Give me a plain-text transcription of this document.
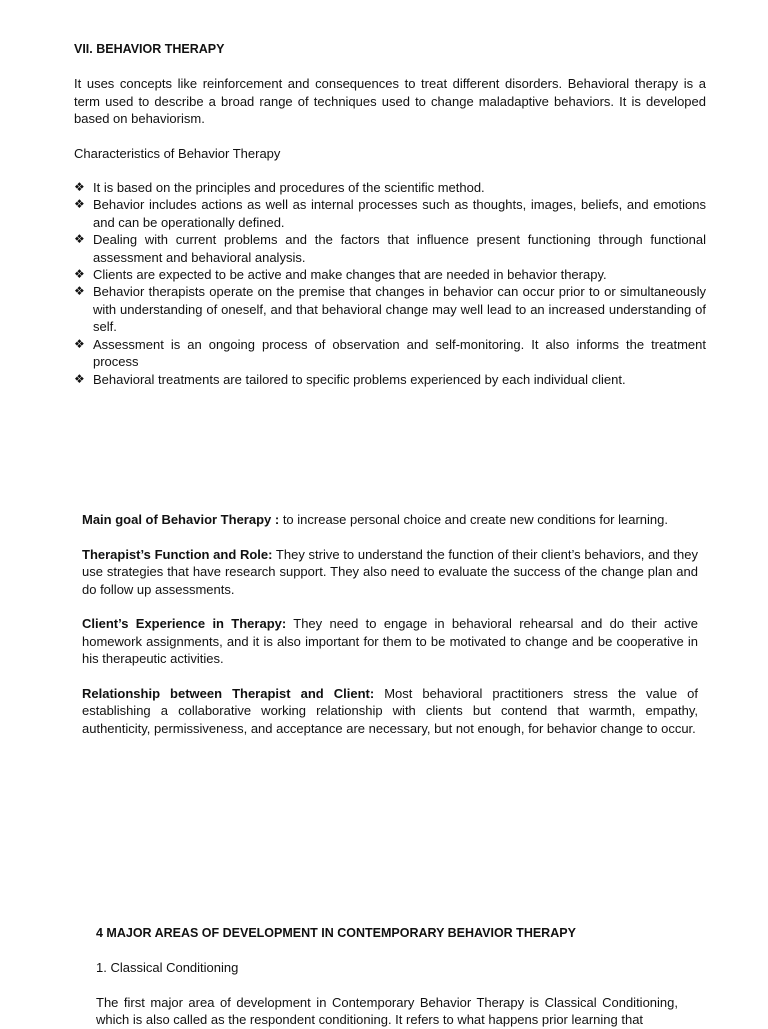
VII. BEHAVIOR THERAPY
It uses concepts like reinforcement and consequences to treat different disorders. Behavioral therapy is a term used to describe a broad range of techniques used to change maladaptive behaviors. It is developed based on behaviorism.
Characteristics of Behavior Therapy
❖ It is based on the principles and procedures of the scientific method.
❖ Behavior includes actions as well as internal processes such as thoughts, images, beliefs, and emotions and can be operationally defined.
❖ Dealing with current problems and the factors that influence present functioning through functional assessment and behavioral analysis.
❖ Clients are expected to be active and make changes that are needed in behavior therapy.
❖ Behavior therapists operate on the premise that changes in behavior can occur prior to or simultaneously with understanding of oneself, and that behavioral change may well lead to an increased understanding of self.
❖ Assessment is an ongoing process of observation and self-monitoring. It also informs the treatment process
❖ Behavioral treatments are tailored to specific problems experienced by each individual client.

Main goal of Behavior Therapy : to increase personal choice and create new conditions for learning.

Therapist’s Function and Role: They strive to understand the function of their client’s behaviors, and they use strategies that have research support. They also need to evaluate the success of the change plan and do follow up assessments.

Client’s Experience in Therapy: They need to engage in behavioral rehearsal and do their active homework assignments, and it is also important for them to be motivated to change and be cooperative in his therapeutic activities.

Relationship between Therapist and Client: Most behavioral practitioners stress the value of establishing a collaborative working relationship with clients but contend that warmth, empathy, authenticity, permissiveness, and acceptance are necessary, but not enough, for behavior change to occur.

4 MAJOR AREAS OF DEVELOPMENT IN CONTEMPORARY BEHAVIOR THERAPY
1. Classical Conditioning
The first major area of development in Contemporary Behavior Therapy is Classical Conditioning, which is also called as the respondent conditioning. It refers to what happens prior learning that
